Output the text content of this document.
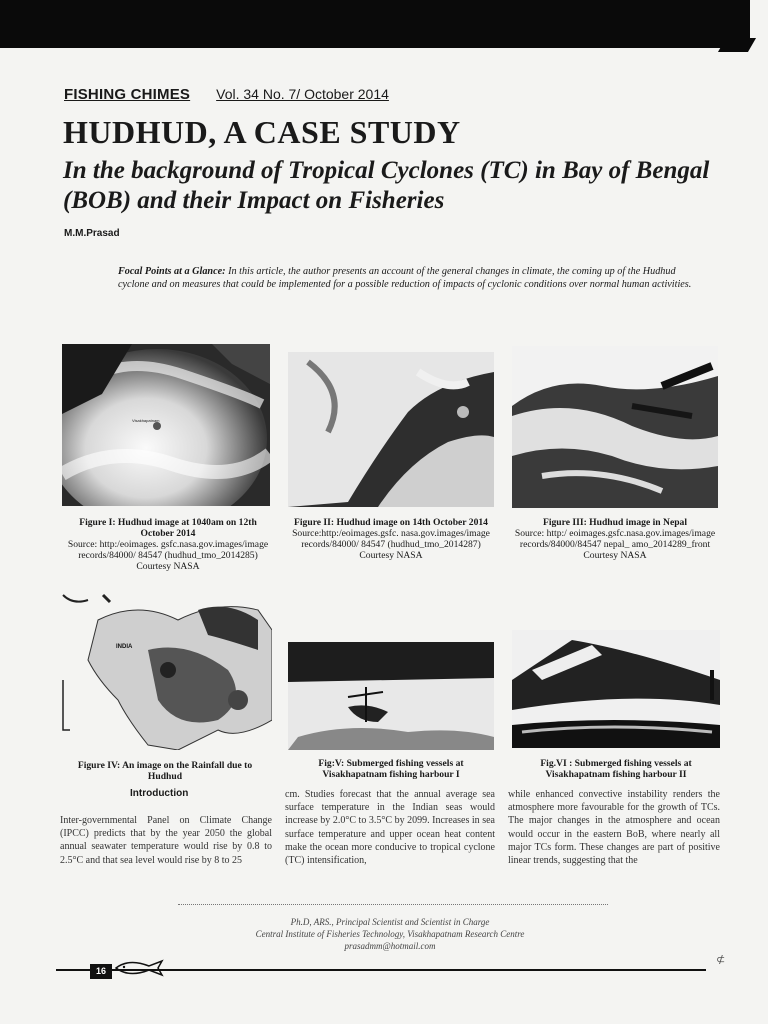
FISHING CHIMES Vol. 34 No. 7/ October 2014
HUDHUD, A CASE STUDY
In the background of Tropical Cyclones (TC) in Bay of Bengal (BOB) and their Impact on Fisheries
M.M.Prasad
Focal Points at a Glance: In this article, the author presents an account of the general changes in climate, the coming up of the Hudhud cyclone and on measures that could be implemented for a possible reduction of impacts of cyclonic conditions over normal human activities.
Visakhapatnam
Figure I: Hudhud image at 1040am on 12th October 2014
Source: http:/eoimages. gsfc.nasa.gov.images/image records/84000/ 84547 (hudhud_tmo_2014285) Courtesy NASA
Figure II: Hudhud image on 14th October 2014
Source:http:/eoimages.gsfc. nasa.gov.images/image records/84000/ 84547 (hudhud_tmo_2014287) Courtesy NASA
Figure III: Hudhud image in Nepal
Source: http:/ eoimages.gsfc.nasa.gov.images/image records/84000/84547 nepal_ amo_2014289_front Courtesy NASA
INDIA
Figure IV: An image on the Rainfall due to Hudhud
Fig:V: Submerged fishing vessels at Visakhapatnam fishing harbour I
Fig.VI : Submerged fishing vessels at Visakhapatnam fishing harbour II
Introduction
Inter-governmental Panel on Climate Change (IPCC) predicts that by the year 2050 the global annual seawater temperature would rise by 0.8 to 2.5°C and that sea level would rise by 8 to 25
cm. Studies forecast that the annual average sea surface temperature in the Indian seas would increase by 2.0°C to 3.5°C by 2099. Increases in sea surface temperature and upper ocean heat content make the ocean more conducive to tropical cyclone (TC) intensification,
while enhanced convective instability renders the atmosphere more favourable for the growth of TCs. The major changes in the atmosphere and ocean would occur in the eastern BoB, where nearly all major TCs form. These changes are part of positive linear trends, suggesting that the
Ph.D, ARS., Principal Scientist and Scientist in Charge
Central Institute of Fisheries Technology, Visakhapatnam Research Centre
prasadmm@hotmail.com
16
⊄
